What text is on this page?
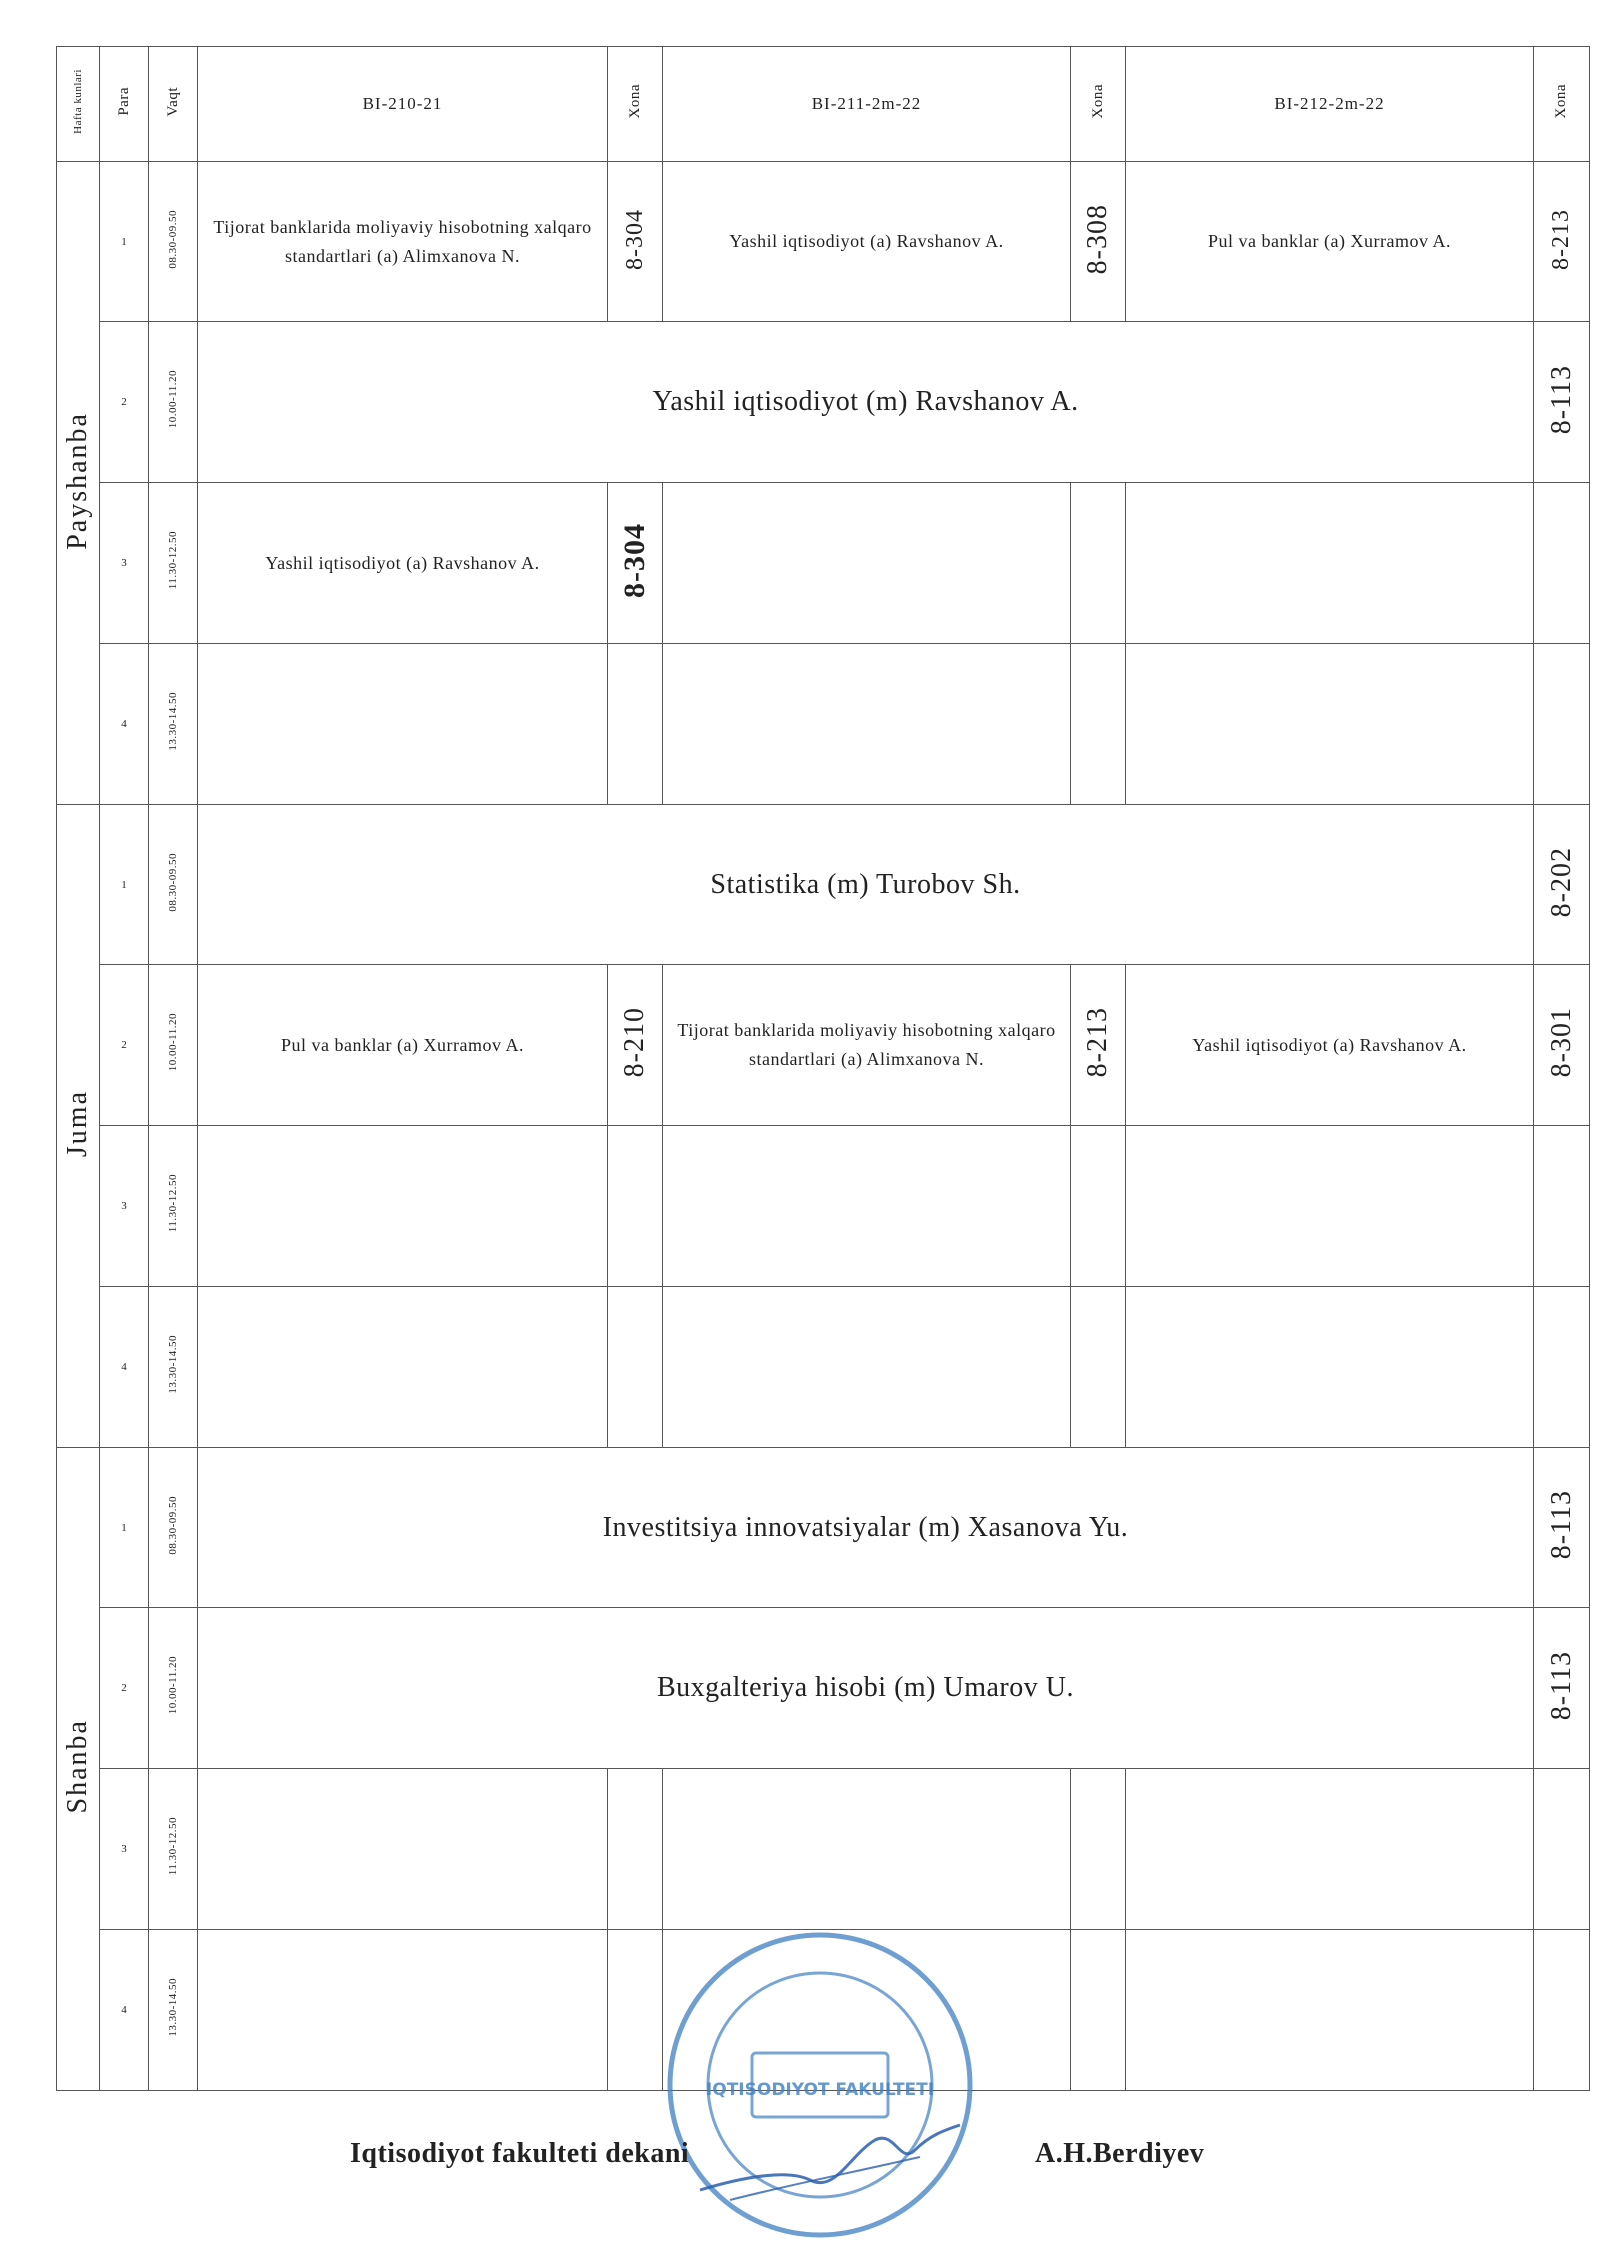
Hafta kunlari	Para	Vaqt	BI-210-21	Xona	BI-211-2m-22	Xona	BI-212-2m-22	Xona
Payshanba	1	08.30-09.50	Tijorat banklarida moliyaviy hisobotning xalqaro standartlari (a) Alimxanova N.	8-304	Yashil iqtisodiyot (a) Ravshanov A.	8-308	Pul va banklar (a) Xurramov A.	8-213
	2	10.00-11.20	Yashil iqtisodiyot (m) Ravshanov A.					8-113
	3	11.30-12.50	Yashil iqtisodiyot (a) Ravshanov A.	8-304				
	4	13.30-14.50						
Juma	1	08.30-09.50	Statistika (m) Turobov Sh.					8-202
	2	10.00-11.20	Pul va banklar (a) Xurramov A.	8-210	Tijorat banklarida moliyaviy hisobotning xalqaro standartlari (a) Alimxanova N.	8-213	Yashil iqtisodiyot (a) Ravshanov A.	8-301
	3	11.30-12.50						
	4	13.30-14.50						
Shanba	1	08.30-09.50	Investitsiya innovatsiyalar (m) Xasanova Yu.					8-113
	2	10.00-11.20	Buxgalteriya hisobi (m) Umarov U.					8-113
	3	11.30-12.50						
	4	13.30-14.50						
IQTISODIYOT FAKULTETI
Iqtisodiyot fakulteti dekani	A.H.Berdiyev
